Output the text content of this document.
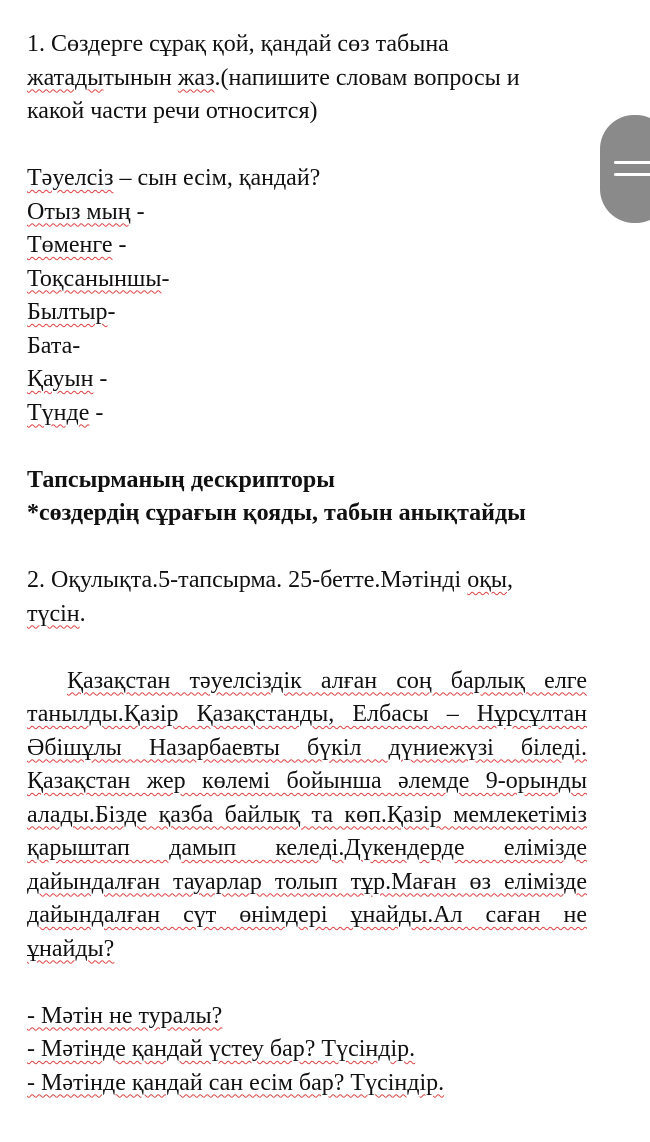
1. Сөздерге сұрақ қой, қандай сөз табына

жатадытынын жаз.(напишите словам вопросы и

какой части речи относится)

Тәуелсіз – сын есім, қандай?

Отыз мың -

Төменге -

Тоқсаныншы-

Былтыр-

Бата-

Қауын -

Түнде -

Тапсырманың дескрипторы

*сөздердің сұрағын қояды, табын анықтайды

2. Оқулықта.5-тапсырма. 25-бетте.Мәтінді оқы,
түсін.

Қазақстан тәуелсіздік алған соң барлық елге танылды.Қазір Қазақстанды, Елбасы – Нұрсұлтан Әбішұлы Назарбаевты бүкіл дүниежүзі біледі. Қазақстан жер көлемі бойынша әлемде 9-орынды алады.Бізде қазба байлық та көп.Қазір мемлекетіміз қарыштап дамып келеді.Дүкендерде елімізде дайындалған тауарлар толып тұр.Маған өз елімізде дайындалған сүт өнімдері ұнайды.Ал саған не ұнайды?

- Мәтін не туралы?

- Мәтінде қандай үстеу бар? Түсіндір.

- Мәтінде қандай сан есім бар? Түсіндір.
